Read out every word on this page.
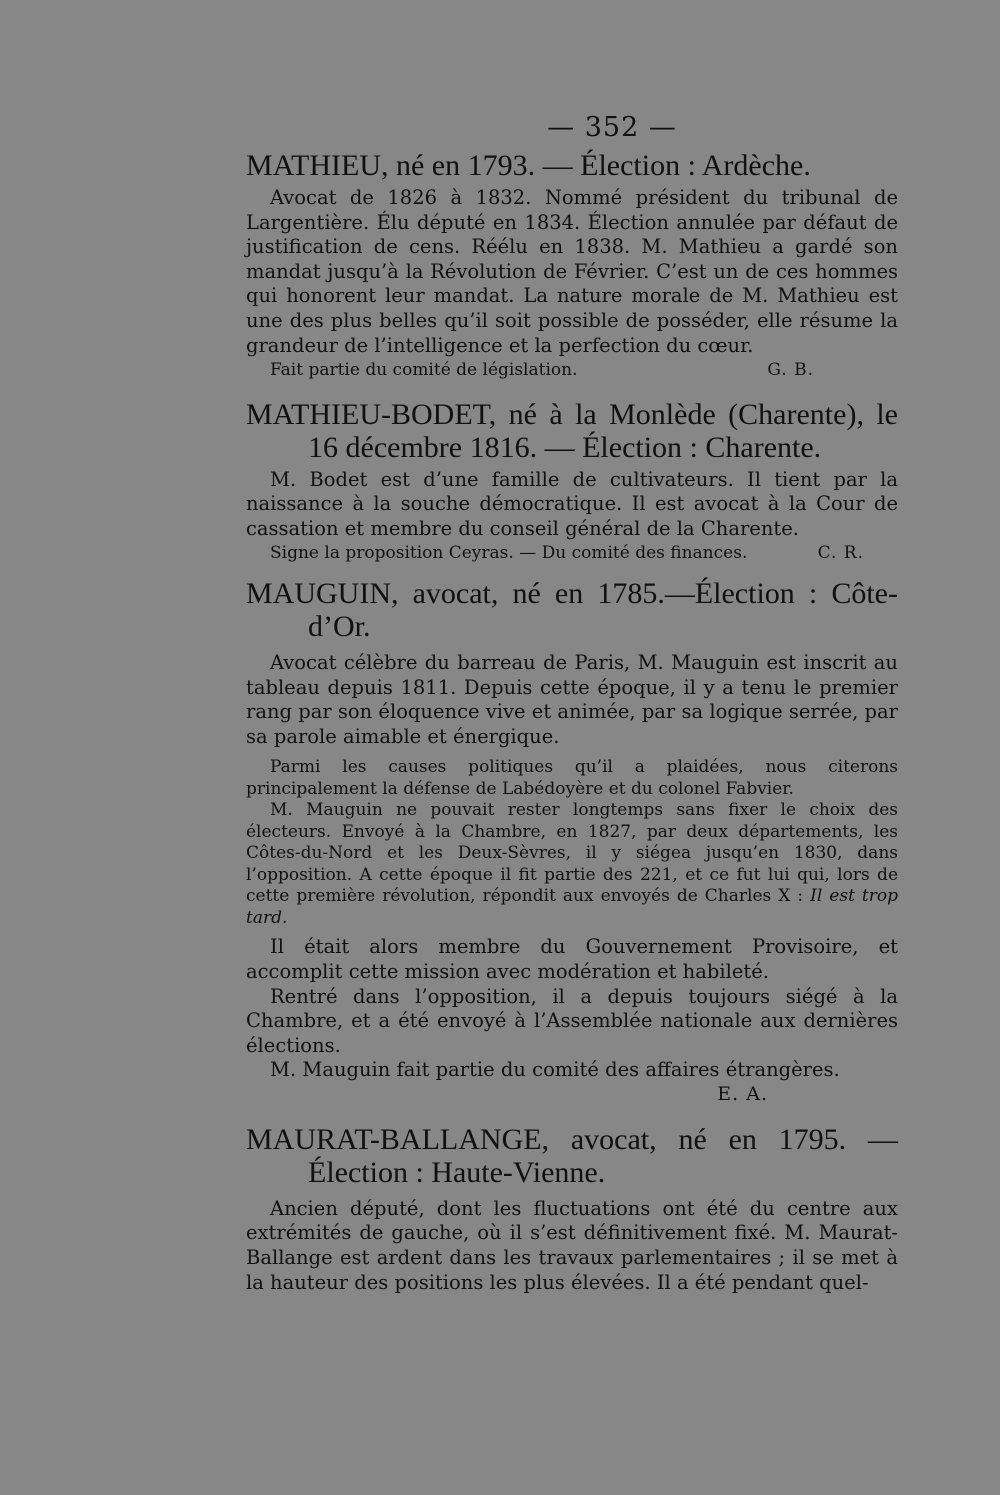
— 352 —

MATHIEU, né en 1793. — Élection : Ardèche.

Avocat de 1826 à 1832. Nommé président du tribunal de Largentière. Élu député en 1834. Élection annulée par défaut de justification de cens. Réélu en 1838. M. Mathieu a gardé son mandat jusqu’à la Révolution de Février. C’est un de ces hommes qui honorent leur mandat. La nature morale de M. Mathieu est une des plus belles qu’il soit possible de posséder, elle résume la grandeur de l’intelligence et la perfection du cœur.

Fait partie du comité de législation.	G. B.

MATHIEU-BODET, né à la Monlède (Charente), le 16 décembre 1816. — Élection : Charente.

M. Bodet est d’une famille de cultivateurs. Il tient par la naissance à la souche démocratique. Il est avocat à la Cour de cassation et membre du conseil général de la Charente.

Signe la proposition Ceyras. — Du comité des finances.	C. R.

MAUGUIN, avocat, né en 1785.—Élection : Côte-d’Or.

Avocat célèbre du barreau de Paris, M. Mauguin est inscrit au tableau depuis 1811. Depuis cette époque, il y a tenu le premier rang par son éloquence vive et animée, par sa logique serrée, par sa parole aimable et énergique.

Parmi les causes politiques qu’il a plaidées, nous citerons principalement la défense de Labédoyère et du colonel Fabvier.

M. Mauguin ne pouvait rester longtemps sans fixer le choix des électeurs. Envoyé à la Chambre, en 1827, par deux départements, les Côtes-du-Nord et les Deux-Sèvres, il y siégea jusqu’en 1830, dans l’opposition. A cette époque il fit partie des 221, et ce fut lui qui, lors de cette première révolution, répondit aux envoyés de Charles X : Il est trop tard.

Il était alors membre du Gouvernement Provisoire, et accomplit cette mission avec modération et habileté.

Rentré dans l’opposition, il a depuis toujours siégé à la Chambre, et a été envoyé à l’Assemblée nationale aux dernières élections.

M. Mauguin fait partie du comité des affaires étrangères.

E. A.

MAURAT-BALLANGE, avocat, né en 1795. — Élection : Haute-Vienne.

Ancien député, dont les fluctuations ont été du centre aux extrémités de gauche, où il s’est définitivement fixé. M. Maurat-Ballange est ardent dans les travaux parlementaires ; il se met à la hauteur des positions les plus élevées. Il a été pendant quel-
